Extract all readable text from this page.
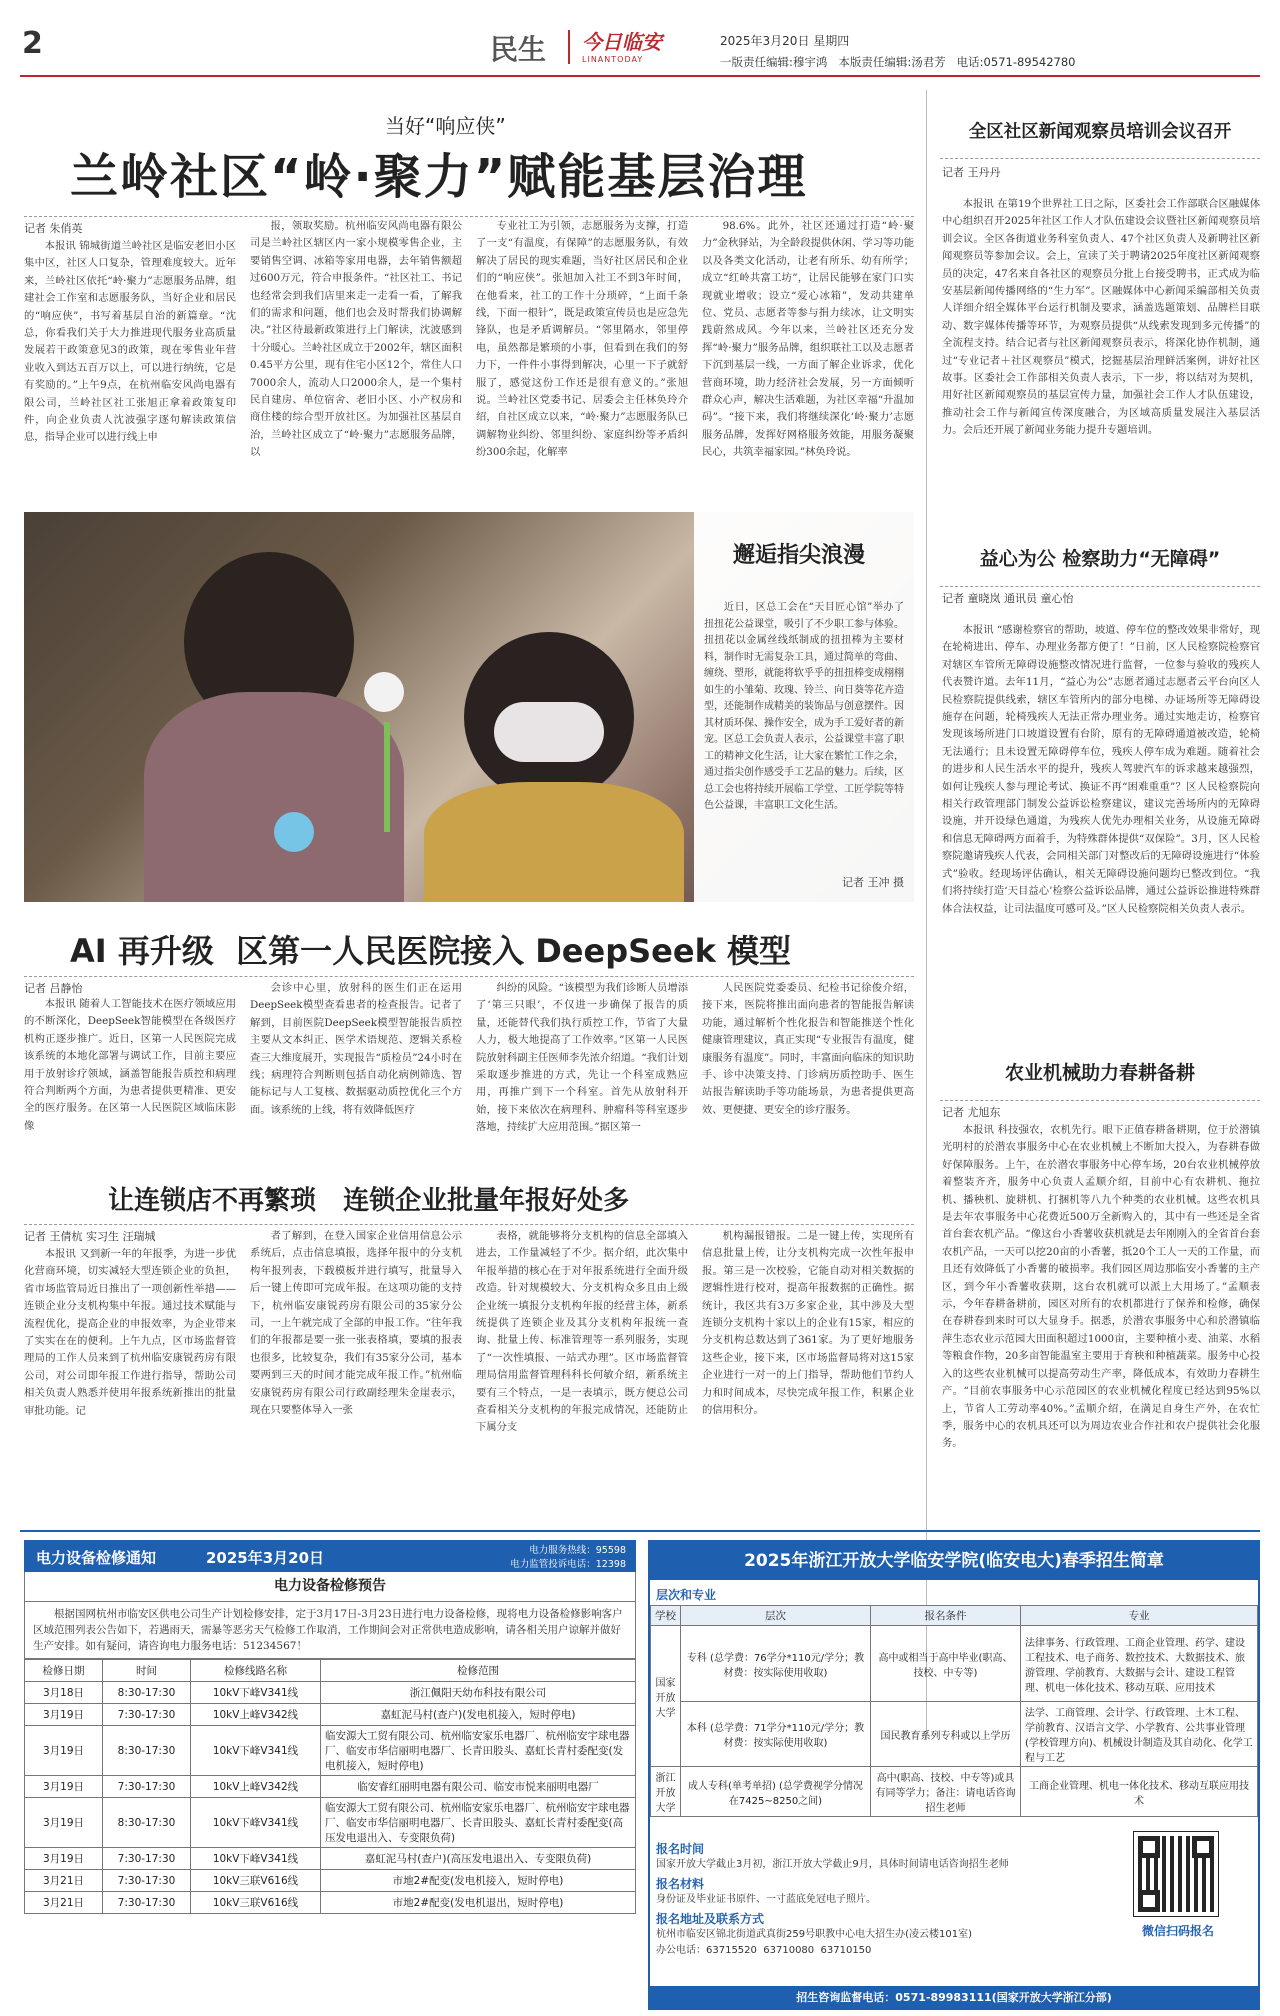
2	民生 今日临安
LINANTODAY
2025年3月20日 星期四
一版责任编辑:穆宇鸿   本版责任编辑:汤君芳   电话:0571-89542780
当好“响应侠”
兰岭社区“岭·聚力”赋能基层治理
记者 朱俏英

本报讯 锦城街道兰岭社区是临安老旧小区集中区，社区人口复杂，管理难度较大。近年来，兰岭社区依托“岭·聚力”志愿服务品牌，组建社会工作室和志愿服务队，当好企业和居民的“响应侠”，书写着基层自治的新篇章。“沈总，你看我们关于大力推进现代服务业高质量发展若干政策意见3的政策，现在零售业年营业收入到达五百万以上，可以进行纳统，它是有奖励的。”上午9点，在杭州临安风尚电器有限公司，兰岭社区社工张旭正拿着政策复印件，向企业负责人沈波强字逐句解读政策信息，指导企业可以进行线上申

报，领取奖励。杭州临安风尚电器有限公司是兰岭社区辖区内一家小规模零售企业，主要销售空调、冰箱等家用电器，去年销售额超过600万元，符合申报条件。“社区社工、书记也经常会到我们店里来走一走看一看，了解我们的需求和问题，他们也会及时帮我们协调解决。”社区待最新政策进行上门解读，沈波感到十分暖心。兰岭社区成立于2002年，辖区面积0.45平方公里，现有住宅小区12个，常住人口7000余人，流动人口2000余人，是一个集村民自建房、单位宿舍、老旧小区、小产权房和商住楼的综合型开放社区。为加强社区基层自治，兰岭社区成立了“岭·聚力”志愿服务品牌，以

专业社工为引领，志愿服务为支撑，打造了一支“有温度，有保障”的志愿服务队，有效解决了居民的现实难题，当好社区居民和企业们的“响应侠”。张旭加入社工不到3年时间，在他看来，社工的工作十分琐碎，“上面千条线，下面一根针”，既是政策宣传员也是应急先锋队，也是矛盾调解员。“邻里隔水，邻里停电，虽然都是繁琐的小事，但看到在我们的努力下，一件件小事得到解决，心里一下子就舒服了，感觉这份工作还是很有意义的。”张旭说。兰岭社区党委书记、居委会主任林奂玲介绍，自社区成立以来，“岭·聚力”志愿服务队已调解物业纠纷、邻里纠纷、家庭纠纷等矛盾纠纷300余起，化解率

98.6%。此外，社区还通过打造“岭·聚力”金秋驿站，为全龄段提供休闲、学习等功能以及各类文化活动，让老有所乐、幼有所学；成立“红岭共富工坊”，让居民能够在家门口实现就业增收；设立“爱心冰箱”，发动共建单位、党员、志愿者等参与捐力续冰，让文明实践蔚然成风。今年以来，兰岭社区还充分发挥“岭·聚力”服务品牌，组织联社工以及志愿者下沉到基层一线，一方面了解企业诉求，优化营商环境，助力经济社会发展，另一方面倾听群众心声，解决生活难题，为社区幸福“升温加码”。“接下来，我们将继续深化‘岭·聚力’志愿服务品牌，发挥好网格服务效能，用服务凝聚民心，共筑幸福家园。”林奂玲说。

全区社区新闻观察员培训会议召开
记者 王丹丹

本报讯 在第19个世界社工日之际，区委社会工作部联合区融媒体中心组织召开2025年社区工作人才队伍建设会议暨社区新闻观察员培训会议。全区各街道业务科室负责人、47个社区负责人及新聘社区新闻观察员等参加会议。会上，宣读了关于聘请2025年度社区新闻观察员的决定，47名来自各社区的观察员分批上台接受聘书，正式成为临安基层新闻传播网络的“生力军”。区融媒体中心新闻采编部相关负责人详细介绍全媒体平台运行机制及要求，涵盖选题策划、品牌栏目联动、数字媒体传播等环节，为观察员提供“从线索发现到多元传播”的全流程支持。结合记者与社区新闻观察员表示，将深化协作机制，通过“专业记者＋社区观察员”模式，挖掘基层治理鲜活案例，讲好社区故事。区委社会工作部相关负责人表示，下一步，将以结对为契机，用好社区新闻观察员的基层宣传力量，加强社会工作人才队伍建设，推动社会工作与新闻宣传深度融合，为区域高质量发展注入基层活力。会后还开展了新闻业务能力提升专题培训。

邂逅指尖浪漫

近日，区总工会在“天目匠心馆”举办了扭扭花公益课堂，吸引了不少职工参与体验。扭扭花以金属丝线纸制成的扭扭棒为主要材料，制作时无需复杂工具，通过简单的弯曲、缠绕、塑形，就能将软乎乎的扭扭棒变成栩栩如生的小雏菊、玫瑰、铃兰、向日葵等花卉造型，还能制作成精美的装饰品与创意摆件。因其材质环保、操作安全，成为手工爱好者的新宠。区总工会负责人表示，公益课堂丰富了职工的精神文化生活，让大家在繁忙工作之余，通过指尖创作感受手工艺品的魅力。后续，区总工会也将持续开展临工学堂、工匠学院等特色公益课，丰富职工文化生活。

记者 王冲 摄
益心为公 检察助力“无障碍”
记者 童晓岚 通讯员 童心怡

本报讯 “感谢检察官的帮助，坡道、停车位的整改效果非常好，现在轮椅进出、停车、办理业务都方便了！”日前，区人民检察院检察官对辖区车管所无障碍设施整改情况进行监督，一位参与验收的残疾人代表赞许道。去年11月，“益心为公”志愿者通过志愿者云平台向区人民检察院提供线索，辖区车管所内的部分电梯、办证场所等无障碍设施存在问题，轮椅残疾人无法正常办理业务。通过实地走访，检察官发现该场所进门口坡道设置有台阶，原有的无障碍通道被改造，轮椅无法通行；且未设置无障碍停车位，残疾人停车成为难题。随着社会的进步和人民生活水平的提升，残疾人驾驶汽车的诉求越来越强烈，如何让残疾人参与理论考试、换证不再“困难重重”？区人民检察院向相关行政管理部门制发公益诉讼检察建议，建议完善场所内的无障碍设施，并开设绿色通道，为残疾人优先办理相关业务，从设施无障碍和信息无障碍两方面着手，为特殊群体提供“双保险”。3月，区人民检察院邀请残疾人代表，会同相关部门对整改后的无障碍设施进行“体验式”验收。经现场评估确认，相关无障碍设施问题均已整改到位。“我们将持续打造‘天目益心’检察公益诉讼品牌，通过公益诉讼推进特殊群体合法权益，让司法温度可感可及。”区人民检察院相关负责人表示。

AI 再升级  区第一人民医院接入 DeepSeek 模型
记者 吕静怡

本报讯 随着人工智能技术在医疗领域应用的不断深化，DeepSeek智能模型在各级医疗机构正逐步推广。近日，区第一人民医院完成该系统的本地化部署与调试工作，目前主要应用于放射诊疗领域，涵盖智能报告质控和病理符合判断两个方面，为患者提供更精准、更安全的医疗服务。在区第一人民医院区域临床影像

会诊中心里，放射科的医生们正在运用DeepSeek模型查看患者的检查报告。记者了解到，目前医院DeepSeek模型智能报告质控主要从文本纠正、医学术语规范、逻辑关系检查三大维度展开，实现报告“质检员”24小时在线；病理符合判断则包括自动化病例筛选、智能标记与人工复核、数据驱动质控优化三个方面。该系统的上线，将有效降低医疗

纠纷的风险。“该模型为我们诊断人员增添了‘第三只眼’，不仅进一步确保了报告的质量，还能替代我们执行质控工作，节省了大量人力，极大地提高了工作效率。”区第一人民医院放射科副主任医师李先浓介绍道。“我们计划采取逐步推进的方式，先让一个科室成熟应用，再推广到下一个科室。首先从放射科开始，接下来依次在病理科、肿瘤科等科室逐步落地，持续扩大应用范围。”据区第一

人民医院党委委员、纪检书记徐俊介绍，接下来，医院将推出面向患者的智能报告解读功能，通过解析个性化报告和智能推送个性化健康管理建议，真正实现“专业报告有温度，健康服务有温度”。同时，丰富面向临床的知识助手、诊中决策支持、门诊病历质控助手、医生站报告解读助手等功能场景，为患者提供更高效、更便捷、更安全的诊疗服务。

农业机械助力春耕备耕
记者 尤旭东

本报讯 科技强农，农机先行。眼下正值春耕备耕期，位于於潜镇光明村的於潜农事服务中心在农业机械上不断加大投入，为春耕春做好保障服务。上午，在於潜农事服务中心停车场，20台农业机械停放着整装齐齐，服务中心负责人孟顺介绍，目前中心有农耕机、拖拉机、播秧机、旋耕机、打捆机等八九个种类的农业机械。这些农机具是去年农事服务中心花费近500万全新购入的，其中有一些还是全省首台套农机产品。“像这台小香薯收获机就是去年刚刚入的全省首台套农机产品，一天可以挖20亩的小香薯，抵20个工人一天的工作量，而且还有效降低了小香薯的破损率。我们园区周边那临安小香薯的主产区，到今年小香薯收获期，这台农机就可以派上大用场了。”孟顺表示，今年春耕备耕前，园区对所有的农机都进行了保养和检修，确保在春耕春到来时可以大显身手。据悉，於潜农事服务中心和於潜镇临萍生态农业示范园大田面积超过1000亩，主要种植小麦、油菜、水稻等粮食作物，20多亩智能温室主要用于育秧和种植蔬菜。服务中心投入的这些农业机械可以提高劳动生产率，降低成本，有效助力春耕生产。“目前农事服务中心示范园区的农业机械化程度已经达到95%以上，节省人工劳动率40%。”孟顺介绍，在满足自身生产外，在农忙季，服务中心的农机具还可以为周边农业合作社和农户提供社会化服务。

让连锁店不再繁琐   连锁企业批量年报好处多
记者 王倩杭 实习生 汪瑞城

本报讯 又到新一年的年报季，为进一步优化营商环境，切实减轻大型连锁企业的负担，省市场监管局近日推出了一项创新性举措——连锁企业分支机构集中年报。通过技术赋能与流程优化，提高企业的申报效率，为企业带来了实实在在的便利。上午九点，区市场监督管理局的工作人员来到了杭州临安康锐药房有限公司，对公司即年报工作进行指导，帮助公司相关负责人熟悉并使用年报系统新推出的批量审批功能。记

者了解到，在登入国家企业信用信息公示系统后，点击信息填报，选择年报中的分支机构年报列表，下载模板并进行填写，批量导入后一键上传即可完成年报。在这项功能的支持下，杭州临安康锐药房有限公司的35家分公司，一上午就完成了全部的申报工作。“往年我们的年报都是要一张一张表格填，要填的报表也很多，比较复杂，我们有35家分公司，基本要两到三天的时间才能完成年报工作。”杭州临安康锐药房有限公司行政副经理朱金崖表示，现在只要整体导入一张

表格，就能够将分支机构的信息全部填入进去，工作量减轻了不少。据介绍，此次集中年报举措的核心在于对年报系统进行全面升级改造。针对规模较大、分支机构众多且由上级企业统一填报分支机构年报的经营主体，新系统提供了连锁企业及其分支机构年报统一查询、批量上传、标准管理等一系列服务，实现了“一次性填报、一站式办理”。区市场监督管理局信用监督管理科科长何敏介绍，新系统主要有三个特点，一是一表填示，既方便总公司查看相关分支机构的年报完成情况，还能防止下属分支

机构漏报错报。二是一键上传，实现所有信息批量上传，让分支机构完成一次性年报申报。第三是一次校验，它能自动对相关数据的逻辑性进行校对，提高年报数据的正确性。据统计，我区共有3万多家企业，其中涉及大型连锁分支机构十家以上的企业有15家，相应的分支机构总数达到了361家。为了更好地服务这些企业，接下来，区市场监督局将对这15家企业进行一对一的上门指导，帮助他们节约人力和时间成本，尽快完成年报工作，积累企业的信用积分。

电力设备检修通知	2025年3月20日	电力服务热线：95598
电力监管投诉电话：12398
电力设备检修预告
根据国网杭州市临安区供电公司生产计划检修安排，定于3月17日-3月23日进行电力设备检修，现将电力设备检修影响客户区域范围列表公告如下，若遇雨天，需暴等恶劣天气检修工作取消，工作期间会对正常供电造成影响，请各相关用户谅解并做好生产安排。如有疑问，请咨询电力服务电话：51234567！
检修日期	时间	检修线路名称	检修范围
3月18日	8:30-17:30	10kV下峰V341线	浙江佩阳天幼布科技有限公司
3月19日	7:30-17:30	10kV上峰V342线	嘉虹泥马村(查户)(发电机接入，短时停电)
3月19日	8:30-17:30	10kV下峰V341线	临安源大工贸有限公司、杭州临安家乐电器厂、杭州临安宇球电器厂、临安市华信丽明电器厂、长青田股头、嘉虹长青村委配变(发电机接入，短时停电)
3月19日	7:30-17:30	10kV上峰V342线	临安睿红丽明电器有限公司、临安市悦来丽明电器厂
3月19日	8:30-17:30	10kV下峰V341线	临安源大工贸有限公司、杭州临安家乐电器厂、杭州临安宇球电器厂、临安市华信丽明电器厂、长青田股头、嘉虹长青村委配变(高压发电退出入、专变限负荷)
3月19日	7:30-17:30	10kV下峰V341线	嘉虹泥马村(查户)(高压发电退出入、专变限负荷)
3月21日	7:30-17:30	10kV三联V616线	市地2#配变(发电机接入，短时停电)
3月21日	7:30-17:30	10kV三联V616线	市地2#配变(发电机退出，短时停电)
2025年浙江开放大学临安学院(临安电大)春季招生简章
层次和专业
学校	层次	报名条件	专业
国家开放大学	专科 (总学费：76学分*110元/学分；教材费：按实际使用收取)	高中或相当于高中毕业(职高、技校、中专等)	法律事务、行政管理、工商企业管理、药学、建设工程技术、电子商务、数控技术、大数据技术、旅游管理、学前教育、大数据与会计、建设工程管理、机电一体化技术、移动互联、应用技术
	本科 (总学费：71学分*110元/学分；教材费：按实际使用收取)	国民教育系列专科或以上学历	法学、工商管理、会计学、行政管理、土木工程、学前教育、汉语言文学、小学教育、公共事业管理(学校管理方向)、机械设计制造及其自动化、化学工程与工艺
浙江开放大学	成人专科(单考单招) (总学费视学分情况在7425~8250之间)	高中(职高、技校、中专等)或具有同等学力；备注：请电话咨询招生老师	工商企业管理、机电一体化技术、移动互联应用技术
报名时间
国家开放大学截止3月初，浙江开放大学截止9月，具体时间请电话咨询招生老师
报名材料
身份证及毕业证书原件、一寸蓝底免冠电子照片。
报名地址及联系方式
杭州市临安区锦北街道武真街259号职教中心电大招生办(凌云楼101室)
办公电话：63715520  63710080  63710150
微信扫码报名
招生咨询监督电话：0571-89983111(国家开放大学浙江分部)
